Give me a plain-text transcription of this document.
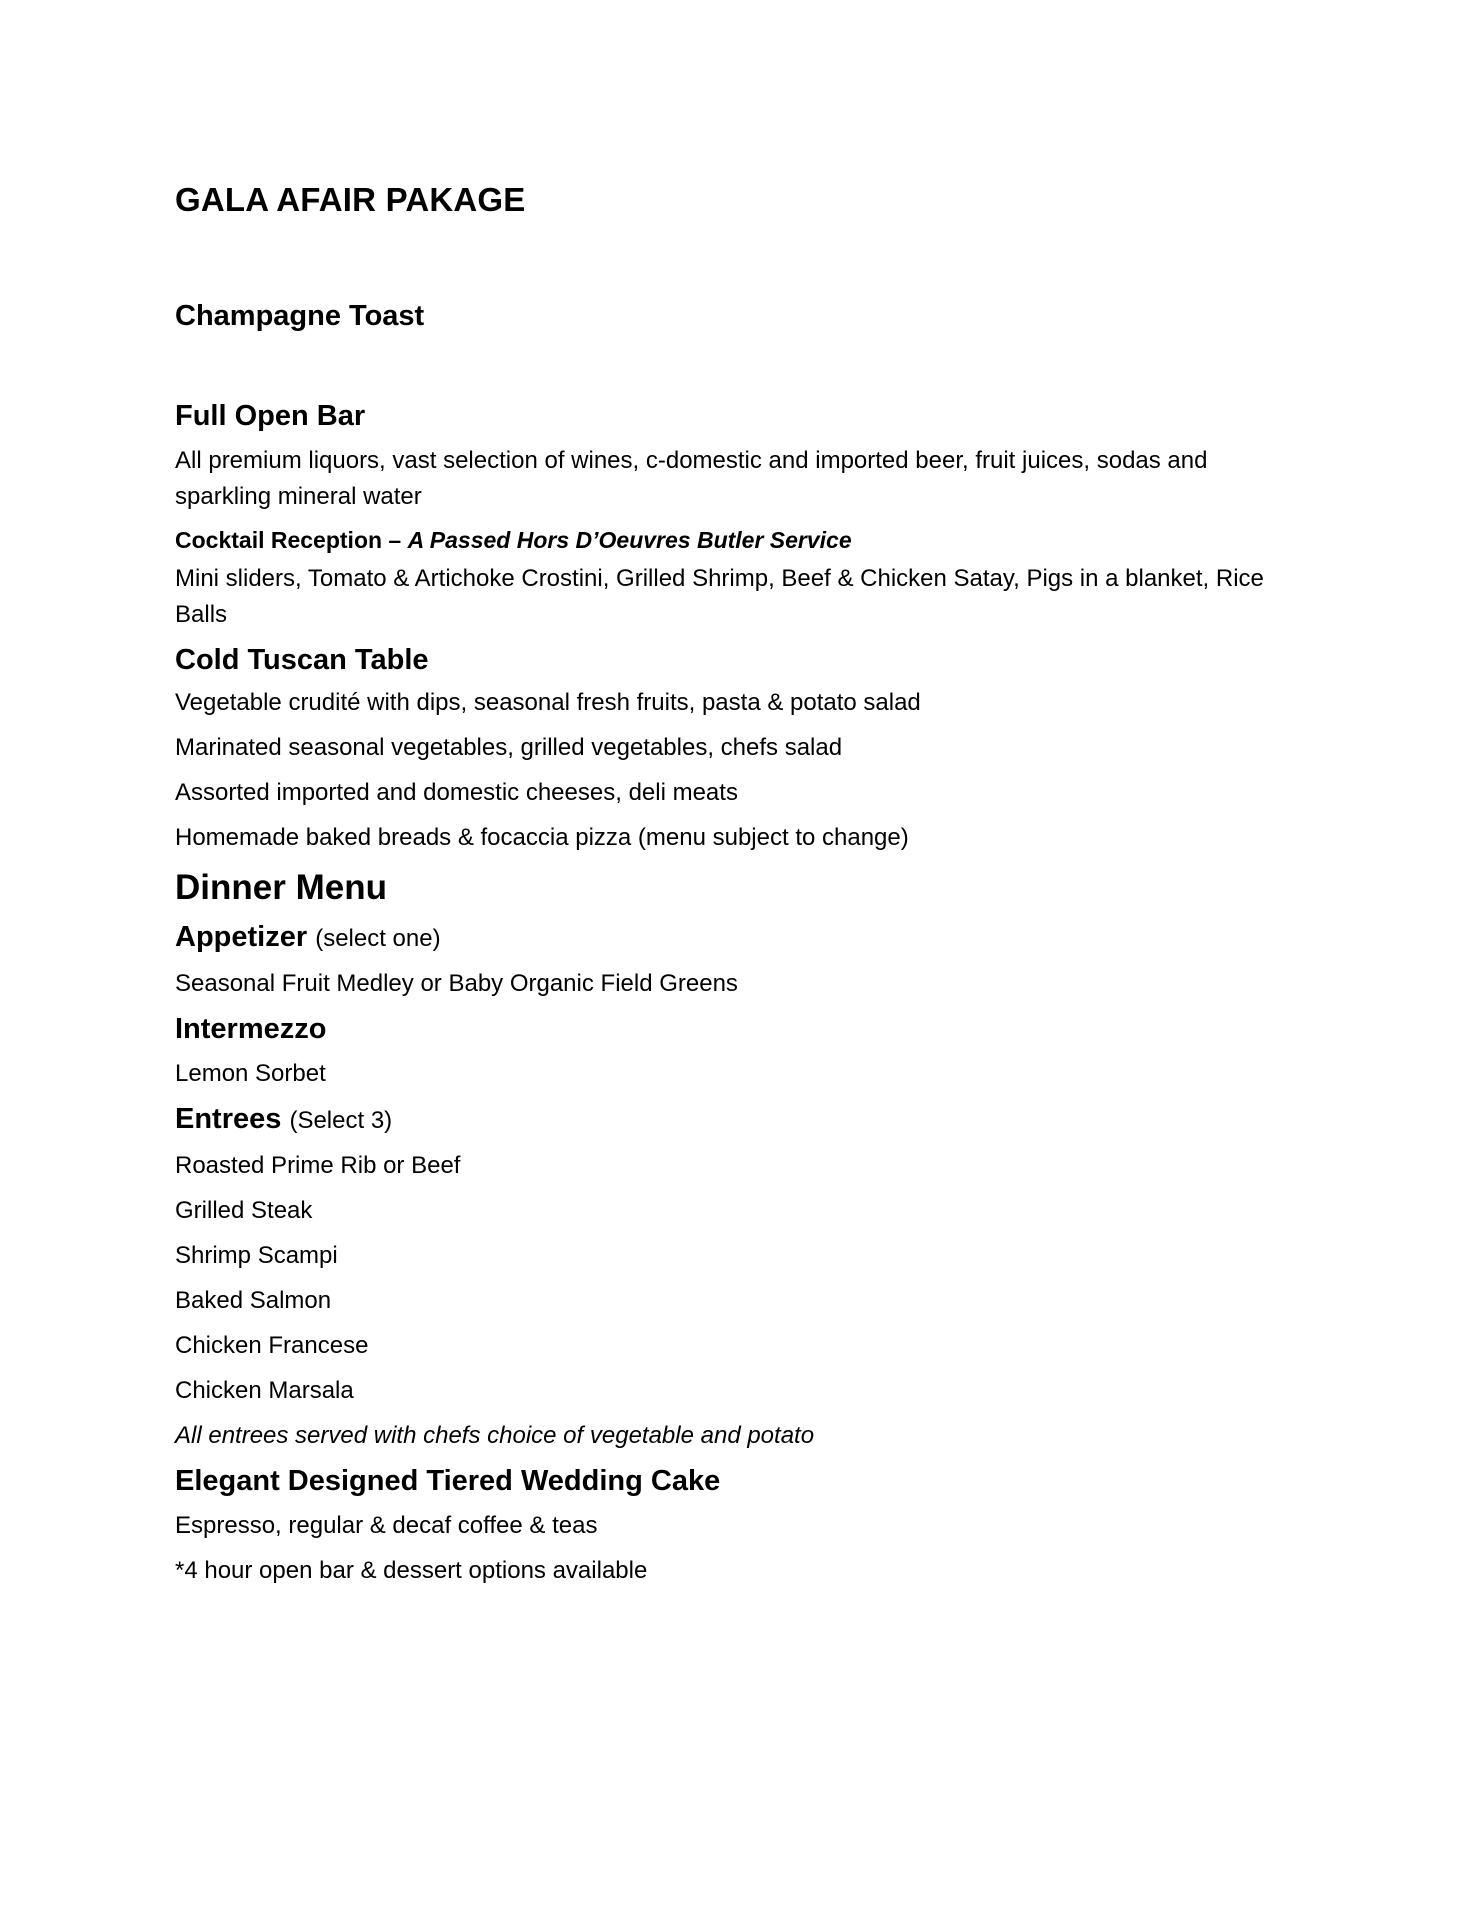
GALA AFAIR PAKAGE
Champagne Toast
Full Open Bar

All premium liquors, vast selection of wines, c-domestic and imported beer, fruit juices, sodas and sparkling mineral water

Cocktail Reception – A Passed Hors D’Oeuvres Butler Service

Mini sliders, Tomato & Artichoke Crostini, Grilled Shrimp, Beef & Chicken Satay, Pigs in a blanket, Rice Balls

Cold Tuscan Table

Vegetable crudité with dips, seasonal fresh fruits, pasta & potato salad

Marinated seasonal vegetables, grilled vegetables, chefs salad

Assorted imported and domestic cheeses, deli meats

Homemade baked breads & focaccia pizza (menu subject to change)

Dinner Menu
Appetizer (select one)

Seasonal Fruit Medley or Baby Organic Field Greens

Intermezzo

Lemon Sorbet

Entrees (Select 3)

Roasted Prime Rib or Beef

Grilled Steak

Shrimp Scampi

Baked Salmon

Chicken Francese

Chicken Marsala

All entrees served with chefs choice of vegetable and potato

Elegant Designed Tiered Wedding Cake

Espresso, regular & decaf coffee & teas

*4 hour open bar & dessert options available
